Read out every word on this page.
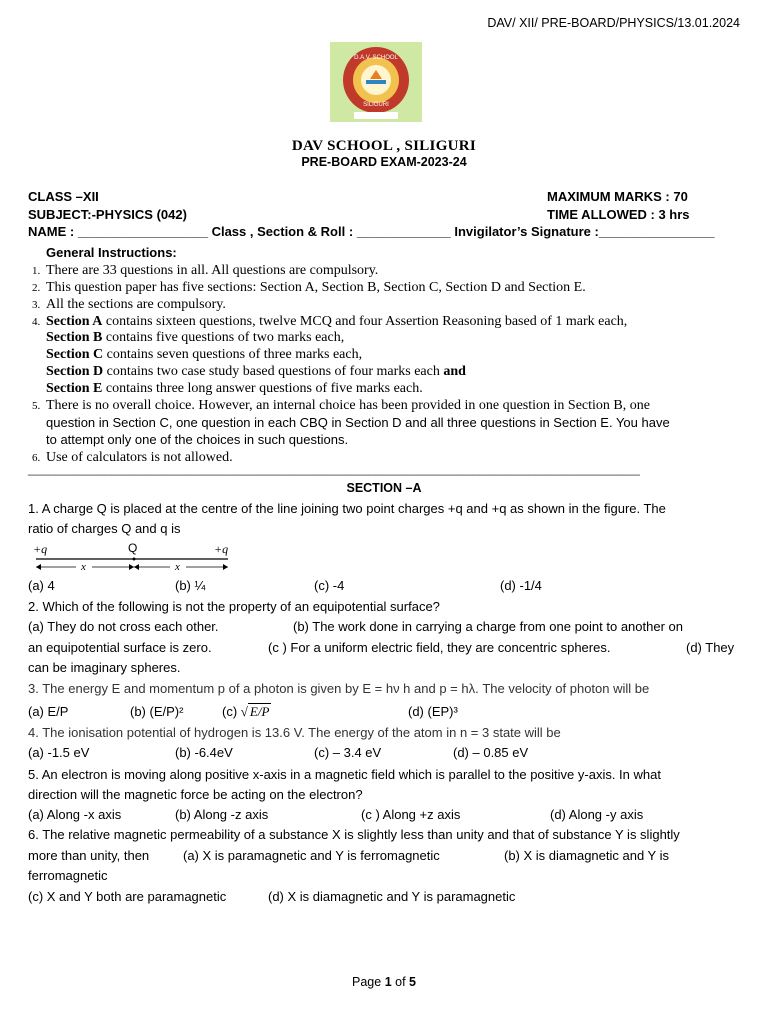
DAV/ XII/ PRE-BOARD/PHYSICS/13.01.2024
D.A.V. SCHOOL
SILIGURI
DAV SCHOOL , SILIGURI
PRE-BOARD EXAM-2023-24
CLASS –XII	MAXIMUM MARKS : 70
SUBJECT:-PHYSICS (042)	TIME ALLOWED : 3 hrs
NAME : __________________ Class , Section & Roll : _____________ Invigilator’s Signature :________________
General Instructions:
1. There are 33 questions in all. All questions are compulsory.
2. This question paper has five sections: Section A, Section B, Section C, Section D and Section E.
3. All the sections are compulsory.
4. Section A contains sixteen questions, twelve MCQ and four Assertion Reasoning based of 1 mark each,
Section B contains five questions of two marks each,
Section C contains seven questions of three marks each,
Section D contains two case study based questions of four marks each and
Section E contains three long answer questions of five marks each.
5. There is no overall choice. However, an internal choice has been provided in one question in Section B, one
question in Section C, one question in each CBQ in Section D and all three questions in Section E. You have
to attempt only one of the choices in such questions.
6. Use of calculators is not allowed.
________________________________________________________________________________________
SECTION –A
1. A charge Q is placed at the centre of the line joining two point charges +q and +q as shown in the figure. The
ratio of charges Q and q is
+q	Q	+q
x	x
(a) 4	(b) ¼	(c) -4	(d) -1/4
2. Which of the following is not the property of an equipotential surface?
(a) They do not cross each other.	(b) The work done in carrying a charge from one point to another on
an equipotential surface is zero.	(c ) For a uniform electric field, they are concentric spheres.	(d) They
can be imaginary spheres.
3. The energy E and momentum p of a photon is given by E = hν h and p = hλ. The velocity of photon will be
(a) E/P	(b) (E/P)²	(c) √ E/P	(d) (EP)³
4. The ionisation potential of hydrogen is 13.6 V. The energy of the atom in n = 3 state will be
(a) -1.5 eV	(b) -6.4eV	(c) – 3.4 eV	(d) – 0.85 eV
5. An electron is moving along positive x-axis in a magnetic field which is parallel to the positive y-axis. In what
direction will the magnetic force be acting on the electron?
(a) Along -x axis	(b) Along -z axis	(c ) Along +z axis	(d) Along -y axis
6. The relative magnetic permeability of a substance X is slightly less than unity and that of substance Y is slightly
more than unity, then	(a) X is paramagnetic and Y is ferromagnetic	(b) X is diamagnetic and Y is
ferromagnetic
(c) X and Y both are paramagnetic	(d) X is diamagnetic and Y is paramagnetic
Page 1 of 5
